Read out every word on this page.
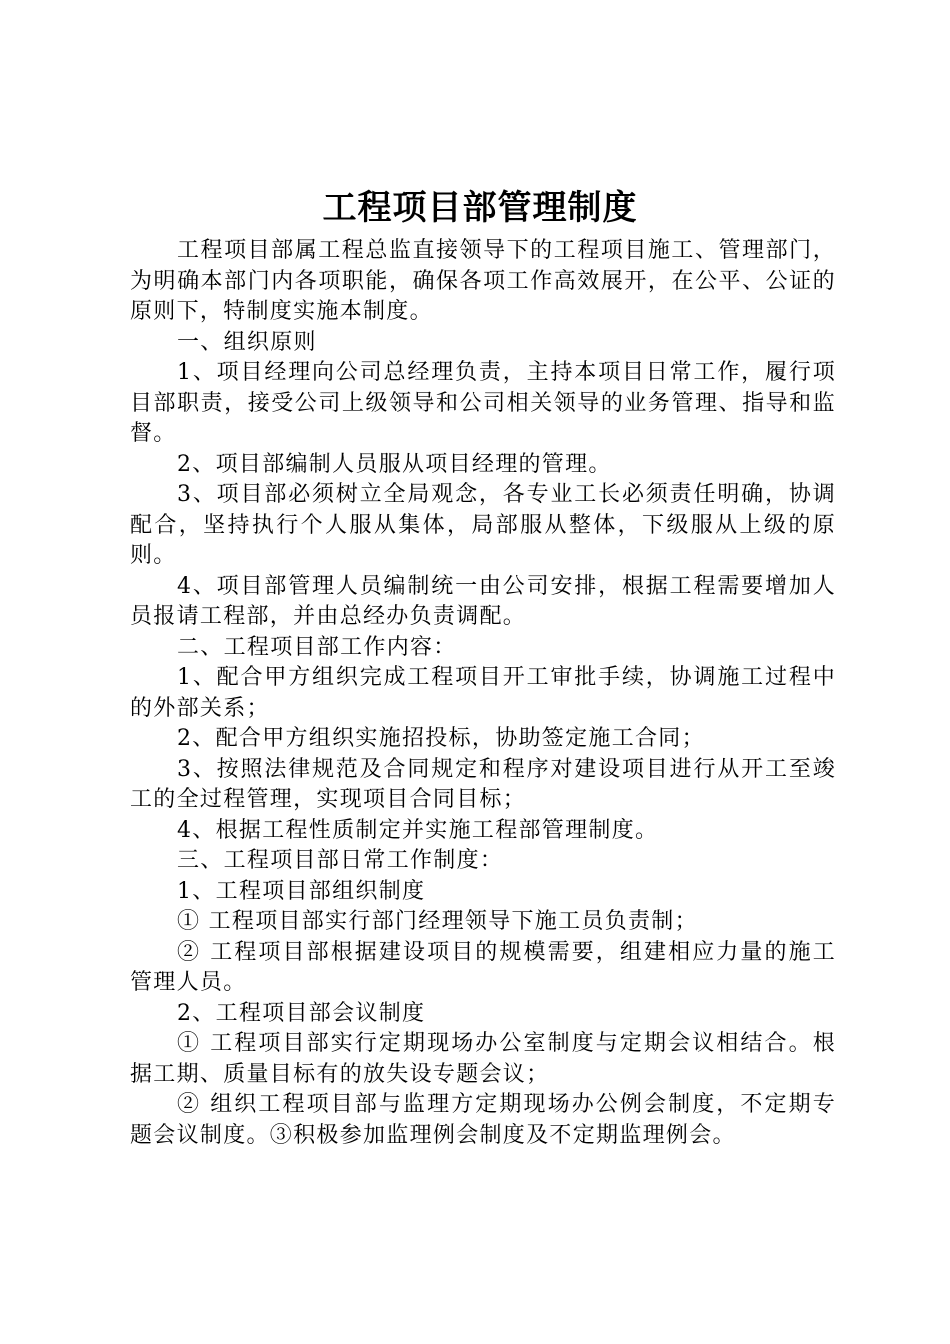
工程项目部管理制度

工程项目部属工程总监直接领导下的工程项目施工、管理部门，为明确本部门内各项职能，确保各项工作高效展开，在公平、公证的原则下，特制度实施本制度。

一、组织原则

1、项目经理向公司总经理负责，主持本项目日常工作，履行项目部职责，接受公司上级领导和公司相关领导的业务管理、指导和监督。

2、项目部编制人员服从项目经理的管理。

3、项目部必须树立全局观念，各专业工长必须责任明确，协调配合，坚持执行个人服从集体，局部服从整体，下级服从上级的原则。

4、项目部管理人员编制统一由公司安排，根据工程需要增加人员报请工程部，并由总经办负责调配。

二、工程项目部工作内容：

1、配合甲方组织完成工程项目开工审批手续，协调施工过程中的外部关系；

2、配合甲方组织实施招投标，协助签定施工合同；

3、按照法律规范及合同规定和程序对建设项目进行从开工至竣工的全过程管理，实现项目合同目标；

4、根据工程性质制定并实施工程部管理制度。

三、工程项目部日常工作制度：

1、工程项目部组织制度

① 工程项目部实行部门经理领导下施工员负责制；

② 工程项目部根据建设项目的规模需要，组建相应力量的施工管理人员。

2、工程项目部会议制度

① 工程项目部实行定期现场办公室制度与定期会议相结合。根据工期、质量目标有的放失设专题会议；

② 组织工程项目部与监理方定期现场办公例会制度，不定期专题会议制度。③积极参加监理例会制度及不定期监理例会。
